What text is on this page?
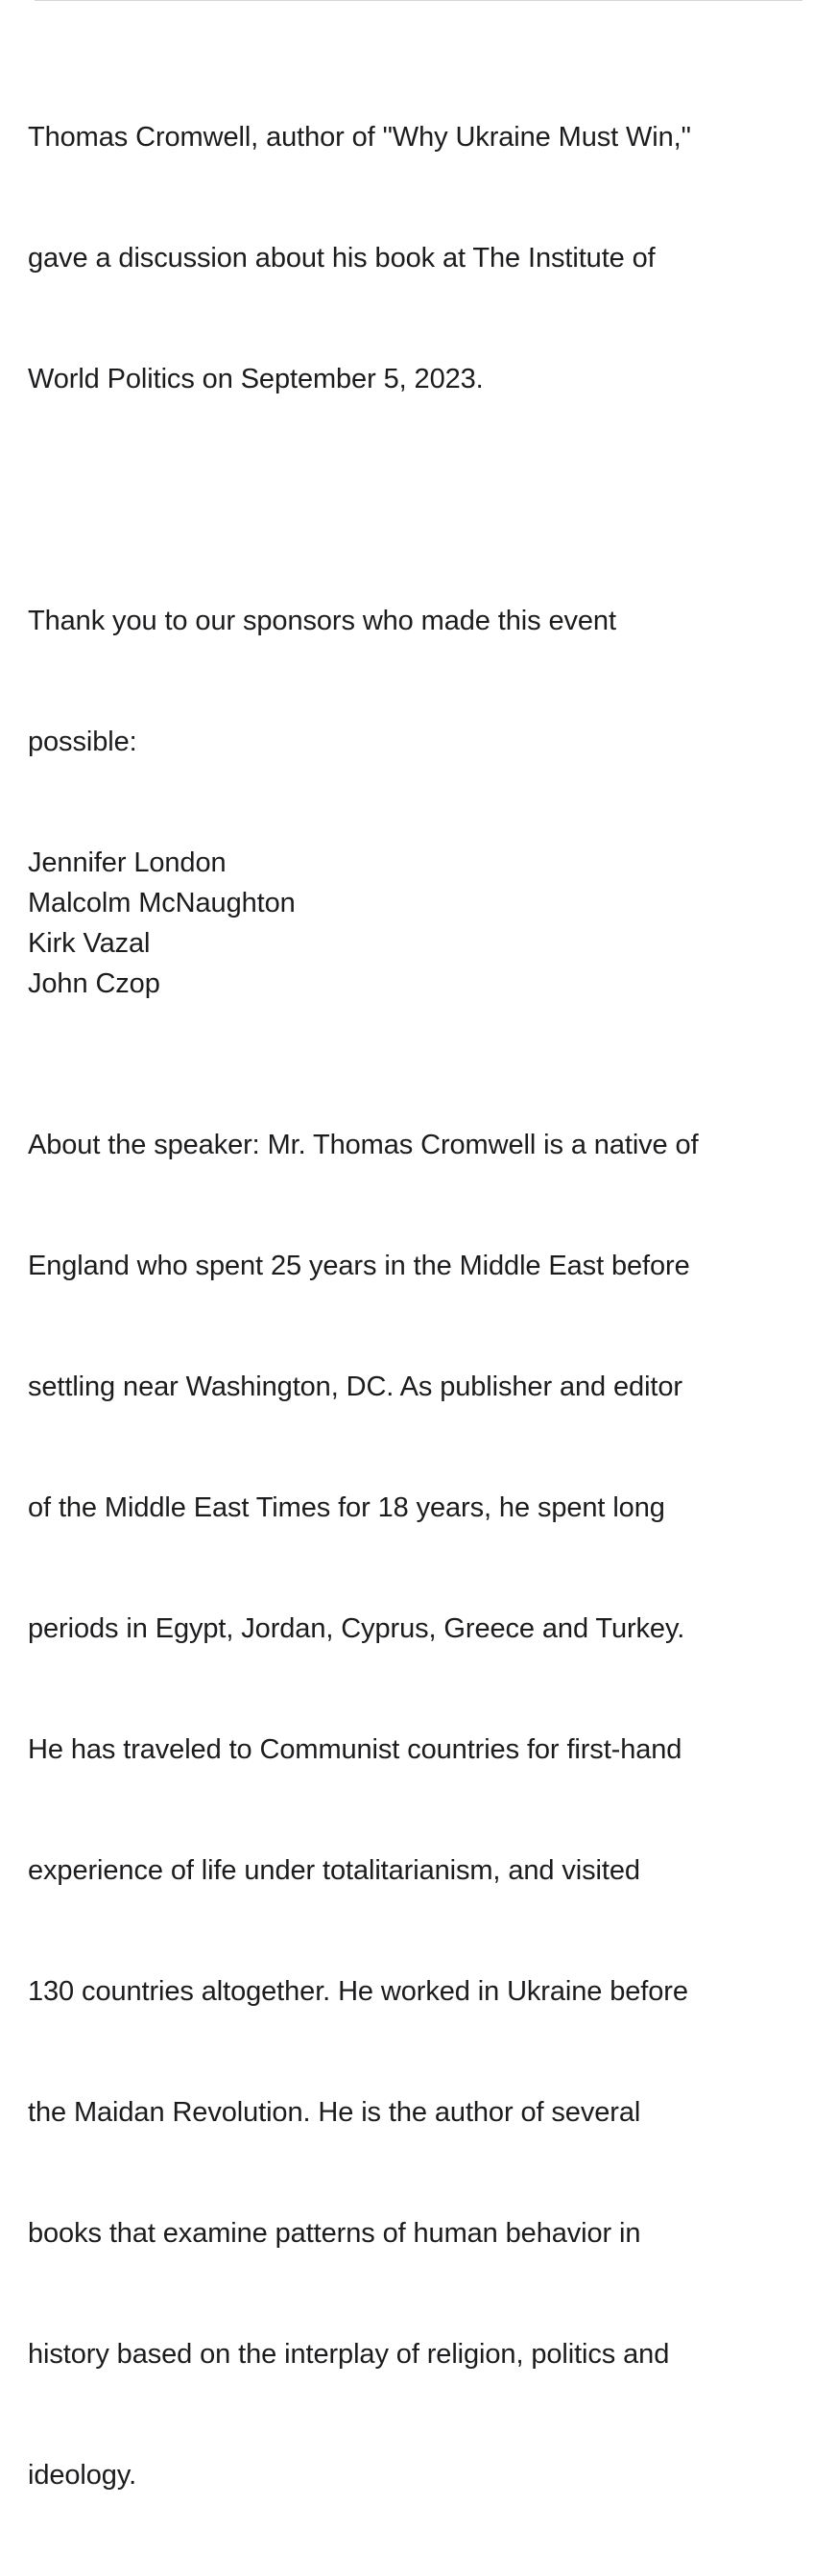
Thomas Cromwell, author of "Why Ukraine Must Win,"

gave a discussion about his book at The Institute of

World Politics on September 5, 2023.

Thank you to our sponsors who made this event

possible:

Jennifer London
Malcolm McNaughton
Kirk Vazal
John Czop

About the speaker: Mr. Thomas Cromwell is a native of

England who spent 25 years in the Middle East before

settling near Washington, DC. As publisher and editor

of the Middle East Times for 18 years, he spent long

periods in Egypt, Jordan, Cyprus, Greece and Turkey.

He has traveled to Communist countries for first-hand

experience of life under totalitarianism, and visited

130 countries altogether. He worked in Ukraine before

the Maidan Revolution. He is the author of several

books that examine patterns of human behavior in

history based on the interplay of religion, politics and

ideology.
